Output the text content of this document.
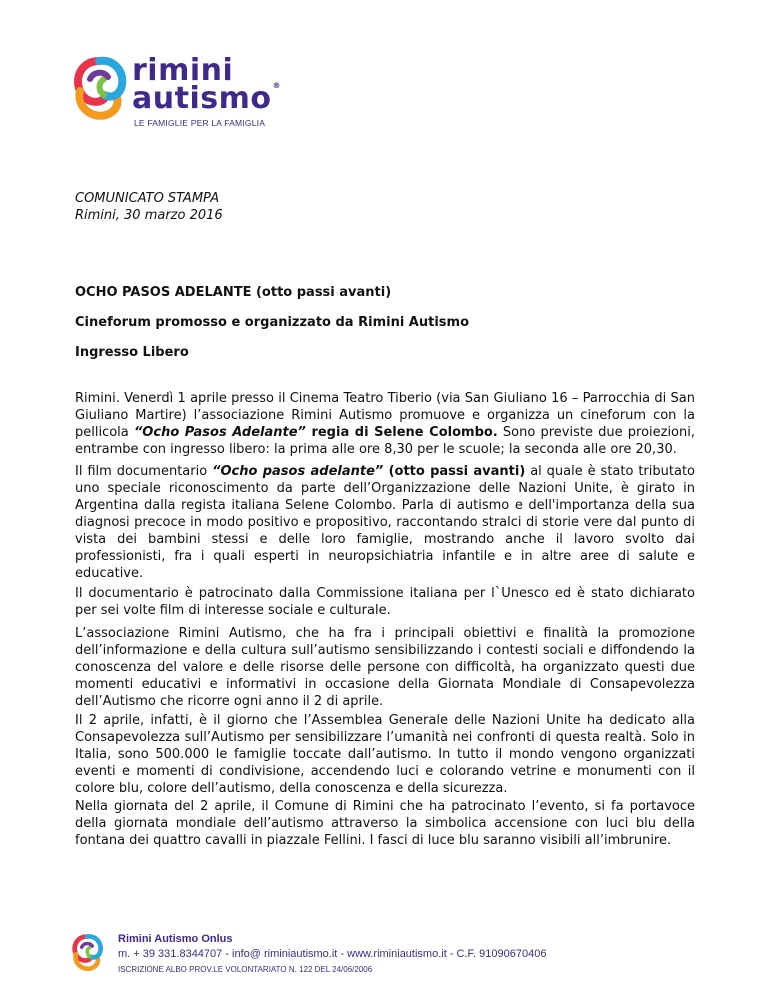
rimini
autismo®
LE FAMIGLIE PER LA FAMIGLIA
COMUNICATO STAMPA
Rimini, 30 marzo 2016
OCHO PASOS ADELANTE (otto passi avanti)
Cineforum promosso e organizzato da Rimini Autismo
Ingresso Libero
Rimini. Venerdì 1 aprile presso il Cinema Teatro Tiberio (via San Giuliano 16 – Parrocchia di San Giuliano Martire) l’associazione Rimini Autismo promuove e organizza un cineforum con la pellicola “Ocho Pasos Adelante” regia di Selene Colombo. Sono previste due proiezioni, entrambe con ingresso libero: la prima alle ore 8,30 per le scuole; la seconda alle ore 20,30.
Il film documentario “Ocho pasos adelante” (otto passi avanti) al quale è stato tributato uno speciale riconoscimento da parte dell’Organizzazione delle Nazioni Unite, è girato in Argentina dalla regista italiana Selene Colombo. Parla di autismo e dell'importanza della sua diagnosi precoce in modo positivo e propositivo, raccontando stralci di storie vere dal punto di vista dei bambini stessi e delle loro famiglie, mostrando anche il lavoro svolto dai professionisti, fra i quali esperti in neuropsichiatria infantile e in altre aree di salute e educative.
Il documentario è patrocinato dalla Commissione italiana per l`Unesco ed è stato dichiarato per sei volte film di interesse sociale e culturale.
L’associazione Rimini Autismo, che ha fra i principali obiettivi e finalità la promozione dell’informazione e della cultura sull’autismo sensibilizzando i contesti sociali e diffondendo la conoscenza del valore e delle risorse delle persone con difficoltà, ha organizzato questi due momenti educativi e informativi in occasione della Giornata Mondiale di Consapevolezza dell’Autismo che ricorre ogni anno il 2 di aprile.
Il 2 aprile, infatti, è il giorno che l’Assemblea Generale delle Nazioni Unite ha dedicato alla Consapevolezza sull’Autismo per sensibilizzare l’umanità nei confronti di questa realtà. Solo in Italia, sono 500.000 le famiglie toccate dall’autismo. In tutto il mondo vengono organizzati eventi e momenti di condivisione, accendendo luci e colorando vetrine e monumenti con il colore blu, colore dell’autismo, della conoscenza e della sicurezza.
Nella giornata del 2 aprile, il Comune di Rimini che ha patrocinato l’evento, si fa portavoce della giornata mondiale dell’autismo attraverso la simbolica accensione con luci blu della fontana dei quattro cavalli in piazzale Fellini. I fasci di luce blu saranno visibili all’imbrunire.
Rimini Autismo Onlus
m. + 39 331.8344707 - info@ riminiautismo.it - www.riminiautismo.it - C.F. 91090670406
ISCRIZIONE ALBO PROV.LE VOLONTARIATO N. 122 DEL 24/06/2006
